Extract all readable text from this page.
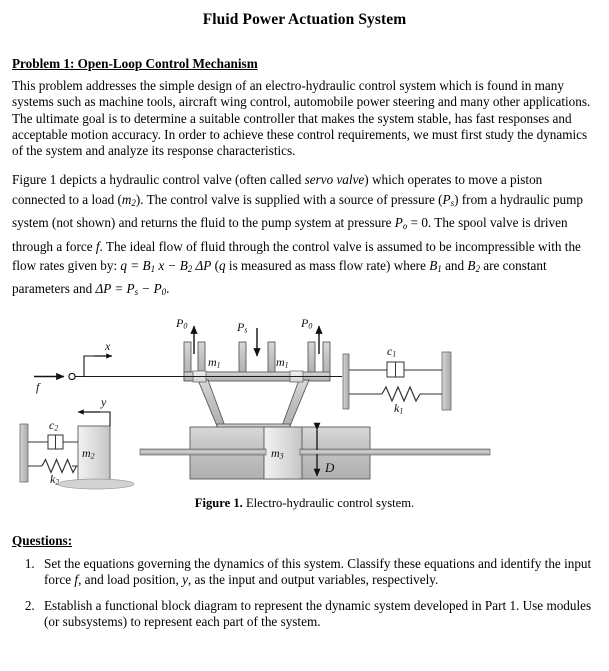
Fluid Power Actuation System
Problem 1: Open-Loop Control Mechanism

This problem addresses the simple design of an electro-hydraulic control system which is found in many systems such as machine tools, aircraft wing control, automobile power steering and many other applications. The ultimate goal is to determine a suitable controller that makes the system stable, has fast responses and acceptable motion accuracy. In order to achieve these control requirements, we must first study the dynamics of the system and analyze its response characteristics.

Figure 1 depicts a hydraulic control valve (often called servo valve) which operates to move a piston connected to a load $(m_2)$. The control valve is supplied with a source of pressure $(P_s)$ from a hydraulic pump system (not shown) and returns the fluid to the pump system at pressure $P_o = 0$. The spool valve is driven through a force f. The ideal flow of fluid through the control valve is assumed to be incompressible with the flow rates given by: $q = B_1$ $x - B_2$ ΔP (q is measured as mass flow rate) where $B_1$ and $B_2$ are constant parameters and $\Delta P = P_s - P_0$.

$P_0$	$P_s$
$P_0$
$m_1$	$m_1$
f
x
y
$c_1$
$k_1$
$c_2$
$k_2$
$m_2$	$m_3$
D
Figure 1. Electro-hydraulic control system.
Questions:
1. Set the equations governing the dynamics of this system. Classify these equations and identify the input force f, and load position, y, as the input and output variables, respectively.
2. Establish a functional block diagram to represent the dynamic system developed in Part 1. Use modules (or subsystems) to represent each part of the system.
